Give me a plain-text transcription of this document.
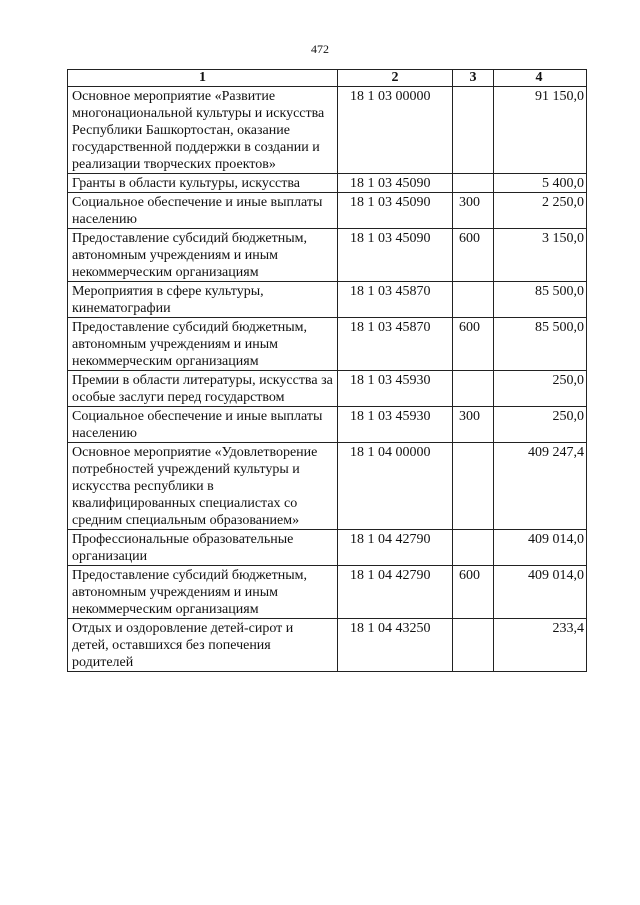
472
1	2	3	4
Основное мероприятие «Развитие многонациональной культуры и искусства Республики Башкортостан, оказание государственной поддержки в создании и реализации творческих проектов»	18 1 03 00000		91 150,0
Гранты в области культуры, искусства	18 1 03 45090		5 400,0
Социальное обеспечение и иные выплаты населению	18 1 03 45090	300	2 250,0
Предоставление субсидий бюджетным, автономным учреждениям и иным некоммерческим организациям	18 1 03 45090	600	3 150,0
Мероприятия в сфере культуры, кинематографии	18 1 03 45870		85 500,0
Предоставление субсидий бюджетным, автономным учреждениям и иным некоммерческим организациям	18 1 03 45870	600	85 500,0
Премии в области литературы, искусства за особые заслуги перед государством	18 1 03 45930		250,0
Социальное обеспечение и иные выплаты населению	18 1 03 45930	300	250,0
Основное мероприятие «Удовлетворение потребностей учреждений культуры и искусства республики в квалифицированных специалистах со средним специальным образованием»	18 1 04 00000		409 247,4
Профессиональные образовательные организации	18 1 04 42790		409 014,0
Предоставление субсидий бюджетным, автономным учреждениям и иным некоммерческим организациям	18 1 04 42790	600	409 014,0
Отдых и оздоровление детей-сирот и детей, оставшихся без попечения родителей	18 1 04 43250		233,4
